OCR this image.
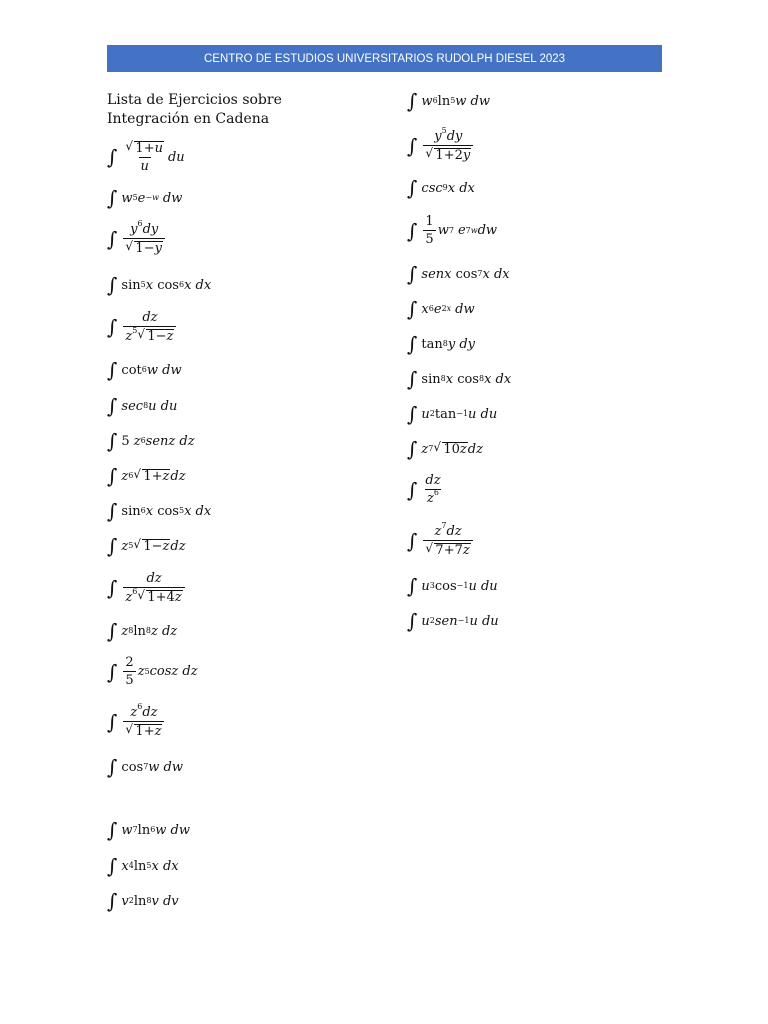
CENTRO DE ESTUDIOS UNIVERSITARIOS RUDOLPH DIESEL 2023
Lista de Ejercicios sobre Integración en Cadena
∫ √ $\frac{1+u}{u}$ du
∫ w 5 e −w dw
∫ $y^6dy$
√ 1−y
∫ sin 5 x cos 6 x dx
∫ $\frac{dz}{z^5 √ 1-z}$
∫ cot 6 w dw
∫ sec 8 u du
∫ 5 z 6 senz dz
∫ z 6 √ 1+z dz
∫ sin 6 x cos 5 x dx
∫ z 5 √ 1−z dz
∫ $\frac{dz}{z^6 √ 1+4z}$
∫ z 8 ln 8 z dz
∫ $\frac{2}{5}$ z 5 cosz dz
∫ $z^6dz$
√ 1+z
∫ cos 7 w dw
∫ w 7 ln 6 w dw
∫ x 4 ln 5 x dx
∫ v 2 ln 8 v dv
∫ w 6 ln 5 w dw
∫ $y^5dy$
√ 1+2y
∫ csc 9 x dx
∫ $\frac{1}{5}$ w 7 e 7w dw
∫ senx cos 7 x dx
∫ x 6 e 2x dw
∫ tan 8 y dy
∫ sin 8 x cos 8 x dx
∫ u 2 tan −1 u du
∫ z 7 √ 10z dz
∫ $\frac{dz}{z^6}$
∫ $z^7dz$
√ 7+7z
∫ u 3 cos −1 u du
∫ u 2 sen −1 u du
